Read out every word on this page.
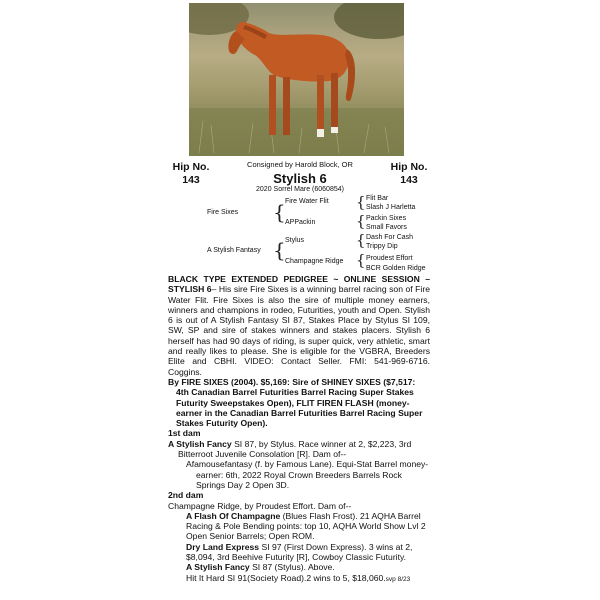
Hip No.
143
Hip No.
143
Consigned by Harold Block, OR
Stylish 6
2020 Sorrel Mare (6060854)
Fire Sixes { Fire Water Flit
APPackin
{ Flit Bar
Slash J Harletta
{ Packin Sixes
Small Favors
A Stylish Fantasy { Stylus
Champagne Ridge
{ Dash For Cash
Trippy Dip
{ Proudest Effort
BCR Golden Ridge

BLACK TYPE EXTENDED PEDIGREE ~ ONLINE SESSION – STYLISH 6– His sire Fire Sixes is a winning barrel racing son of Fire Water Flit. Fire Sixes is also the sire of multiple money earners, winners and champions in rodeo, Futurities, youth and Open. Stylish 6 is out of A Stylish Fantasy SI 87, Stakes Place by Stylus SI 109, SW, SP and sire of stakes winners and stakes placers. Stylish 6 herself has had 90 days of riding, is super quick, very athletic, smart and really likes to please. She is eligible for the VGBRA, Breeders Elite and CBHI. VIDEO: Contact Seller. FMI: 541-969-6716. Coggins.

By FIRE SIXES (2004). $5,169: Sire of SHINEY SIXES ($7,517: 4th Canadian Barrel Futurities Barrel Racing Super Stakes Futurity Sweepstakes Open), FLIT FIREN FLASH (money-earner in the Canadian Barrel Futurities Barrel Racing Super Stakes Futurity Open).

1st dam

A Stylish Fancy SI 87, by Stylus. Race winner at 2, $2,223, 3rd Bitterroot Juvenile Consolation [R]. Dam of--

Afamousefantasy (f. by Famous Lane). Equi-Stat Barrel money-earner: 6th, 2022 Royal Crown Breeders Barrels Rock Springs Day 2 Open 3D.

2nd dam

Champagne Ridge, by Proudest Effort. Dam of--

A Flash Of Champagne (Blues Flash Frost). 21 AQHA Barrel Racing & Pole Bending points: top 10, AQHA World Show Lvl 2 Open Senior Barrels; Open ROM.

Dry Land Express SI 97 (First Down Express). 3 wins at 2, $8,094, 3rd Beehive Futurity [R], Cowboy Classic Futurity.

A Stylish Fancy SI 87 (Stylus). Above.

Hit It Hard SI 91(Society Road).2 wins to 5, $18,060.svp 8/23
